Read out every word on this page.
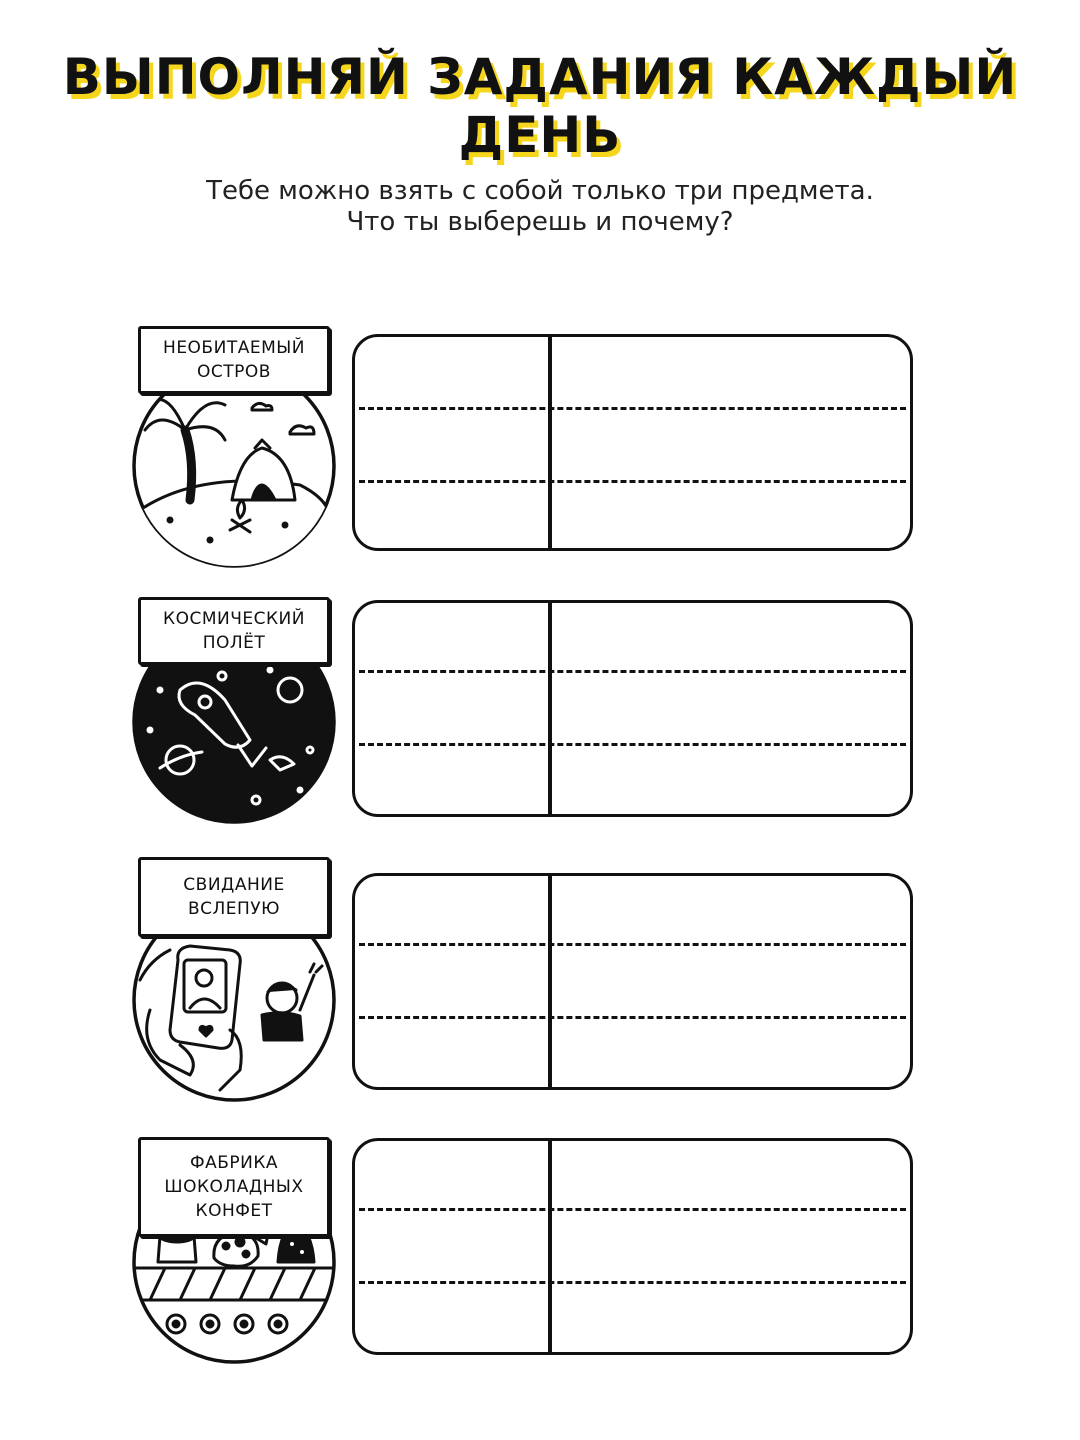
ВЫПОЛНЯЙ ЗАДАНИЯ КАЖДЫЙ ДЕНЬ
Тебе можно взять с собой только три предмета.
Что ты выберешь и почему?
НЕОБИТАЕМЫЙ
ОСТРОВ
КОСМИЧЕСКИЙ
ПОЛЁТ
СВИДАНИЕ
ВСЛЕПУЮ
ФАБРИКА
ШОКОЛАДНЫХ
КОНФЕТ
